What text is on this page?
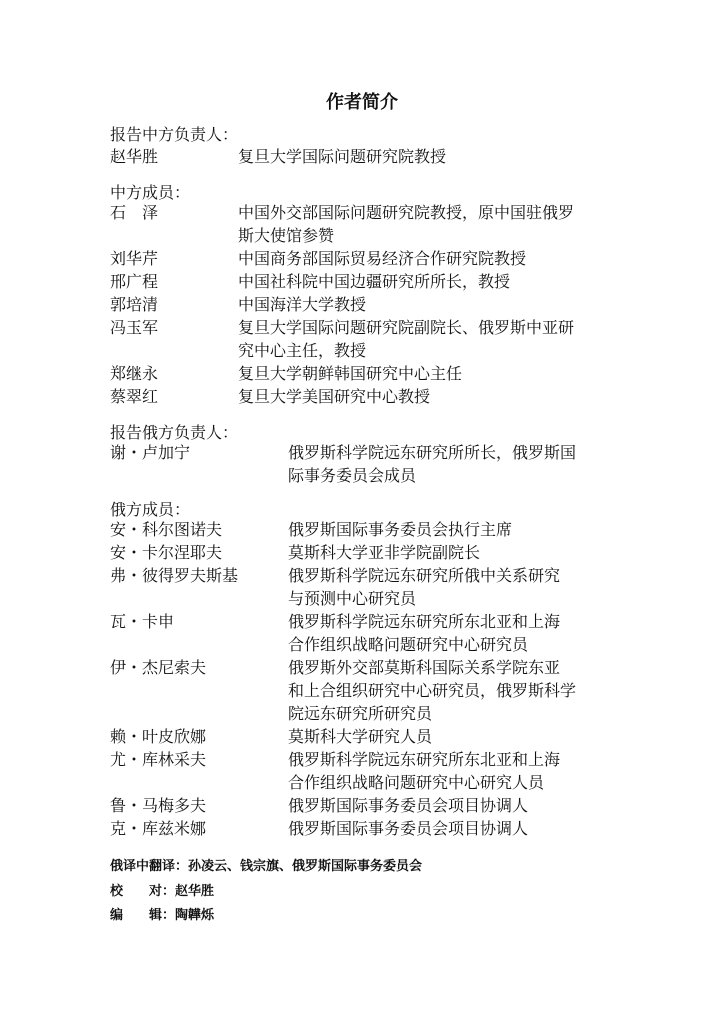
作者简介
报告中方负责人：
赵华胜	复旦大学国际问题研究院教授
中方成员：
石　泽	中国外交部国际问题研究院教授，原中国驻俄罗
斯大使馆参赞
刘华芹	中国商务部国际贸易经济合作研究院教授
邢广程	中国社科院中国边疆研究所所长，教授
郭培清	中国海洋大学教授
冯玉军	复旦大学国际问题研究院副院长、俄罗斯中亚研
究中心主任，教授
郑继永	复旦大学朝鲜韩国研究中心主任
蔡翠红	复旦大学美国研究中心教授
报告俄方负责人：
谢・卢加宁	俄罗斯科学院远东研究所所长，俄罗斯国
际事务委员会成员
俄方成员：
安・科尔图诺夫	俄罗斯国际事务委员会执行主席
安・卡尔涅耶夫	莫斯科大学亚非学院副院长
弗・彼得罗夫斯基	俄罗斯科学院远东研究所俄中关系研究
与预测中心研究员
瓦・卡申	俄罗斯科学院远东研究所东北亚和上海
合作组织战略问题研究中心研究员
伊・杰尼索夫	俄罗斯外交部莫斯科国际关系学院东亚
和上合组织研究中心研究员，俄罗斯科学
院远东研究所研究员
赖・叶皮欣娜	莫斯科大学研究人员
尤・库林采夫	俄罗斯科学院远东研究所东北亚和上海
合作组织战略问题研究中心研究人员
鲁・马梅多夫	俄罗斯国际事务委员会项目协调人
克・库兹米娜	俄罗斯国际事务委员会项目协调人
俄译中翻译：孙凌云、钱宗旗、俄罗斯国际事务委员会
校　　对：赵华胜
编　　辑：陶韡烁
